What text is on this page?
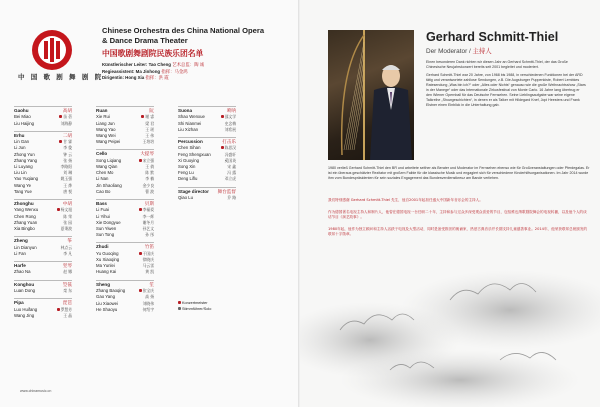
中 国 歌 剧 舞 剧 院
Chinese Orchestra des China National Opera
& Dance Drama Theater
中国歌剧舞剧院民族乐团名单
Künstlerischer Leiter: Tao Cheng 艺术总监：陶 诚
Regieassistent: Ma Jinhong 指挥：马金鸿
Dirigentin: Hong Xia 指挥：洪 霞
Gaohu	高胡
Bei Miao	苗 蓓
Liu Haijing	刘海静
Erhu	二胡
Lin Gan	甘 霖
Li Jun	李 俊
Zhong Yun	钟 云
Zhang Yang	张 扬
Li Luyang	李路阳
Liu Lin	刘 琳
Yao Yuqiang	姚玉强
Wang Ye	王 烨
Tang Yue	唐 悦
Zhonghu	中胡
Yang Wenxu	杨文旭
Chen Rong	陈 荣
Zhang Yuan	张 园
Xia Bingbo	夏秉波
Zheng	筝
Lin Dianyun	林点云
Li Fan	李 凡
Harfe	竖琴
Zhao Na	赵 娜
Konghou	箜篌
Luan Dong	栾 东
Pipa	琵琶
Luo Huifang	罗慧芳
Wang Jing	王 晶
Ruan	阮
Xie Rui	谢 睿
Liang Jun	梁 君
Wang Yao	王 瑶
Wang Wei	王 伟
Wang Peipei	王培培
Cello	大提琴
Song Liqiang	宋立强
Wang Qian	王 倩
Chen Mo	陈 默
Li Nan	李 楠
Jin Shaoliang	金少良
Cao Bo	曹 波
Bass	贝斯
Li Fuai	李福爱
Li Yihui	李一辉
Xie Dongyue	谢冬月
Sun Yiwen	孙艺文
Sun Tong	孙 彤
Zhudi	竹笛
Yu Guoqing	于国庆
Xu Xiaoqing	徐晓庆
Ma Yunlei	马云雷
Huang Kai	黄 凯
Sheng	笙
Zhang Baoqing	张宝庆
Gao Yang	高 扬
Liu Xiaowei	刘晓伟
He Shaoyu	何绍宇
Suona	唢呐
Shao Wenxue	邵文学
Shi Nianmei	史念梅
Liu Xizhan	刘希展
Percussion	打击乐
Chen Sihan	陈思汉
Feng Shengxuan	冯盛轩
Xi Guoying	奚国英
Song Xin	宋 鑫
Feng Lu	冯 露
Deng Liflu	邓立虎
Stage director 舞台监督
Qiao Lu	乔 路
Konzertmeister
Stimmführer/Solo
www.chinamusic.cn
Gerhard Schmitt-Thiel
Der Moderator / 主持人

Einen besonderen Dank richten wir diesen Jahr an Gerhard Schmitt-Thiel, der das Große Chinesische Neujahrskonzert bereits seit 2001 begleitet und moderiert.

Gerhard Schmitt-Thiel war 20 Jahre, von 1968 bis 1988, in verschiedenen Funktionen bei der ARD tätig und verantwortete zahllose Sendungen, z.B. Die Augsburger Puppenkiste, Robert Lembkes Ratesendung „Was bin ich?“ oder „Alles oder Nichts“ genauso wie die große Weihnachtsshow „Stars in der Manege“ oder das Internationale Zirkusfestival von Monte Carlo. 16 Jahre lang übertrug er den Wiener Opernball für das Deutsche Fernsehen. Seine Lieblingsaufgabe war seine eigene Talkreihe „Showgeschichten“, in denen er als Talker mit Hildegard Knef, Jopi Heesters und Frank Elstner einen Einblick in die Unterhaltung gab.

1980 verließ Gerhard Schmitt-Thiel den BR und arbeitete seither als Berater und Moderator im Fernsehen ebenso wie für Großveranstaltungen oder Pferdegalas. Er ist ein überaus geschätzter Rezitator mit großem Faible für die klassische Musik und engagiert sich für verschiedene Kinderhilfsorganisationen. Im Jahr 2014 wurde ihm vom Bundespräsidenten für sein soziales Engagement das Bundesverdienstkreuz am Bande verliehen.
我们特别感谢 Gerhard Schmitt-Thiel 先生，他自2001年起担任盛大中国新年音乐会的主持人。
作为德国著名电视主持人和制片人，他曾在德国电视一台任职二十年，主持和参与过众多深受观众喜爱的节目，包括维也纳歌剧院舞会的电视转播，以及他个人的谈话节目《演艺故事》。
1980年起，他作为独立顾问和主持人活跃于电视及大型活动，同时是备受推崇的朗诵家，热爱古典音乐并长期支持儿童慈善事业。2014年，他荣获联邦总统颁发的联邦十字勋章。
